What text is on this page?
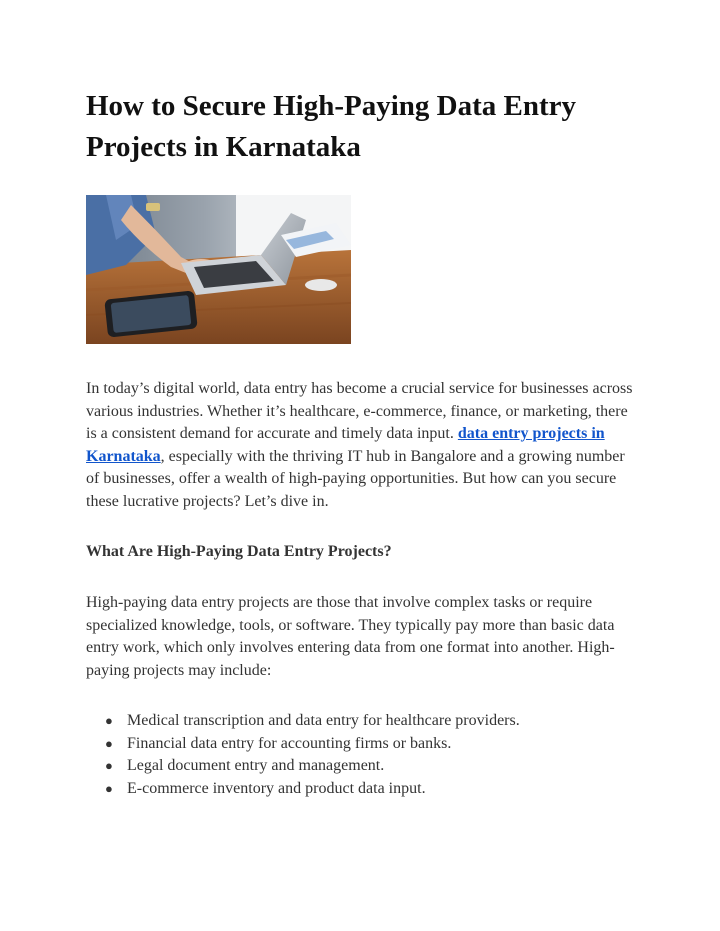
How to Secure High-Paying Data Entry Projects in Karnataka

In today’s digital world, data entry has become a crucial service for businesses across various industries. Whether it’s healthcare, e-commerce, finance, or marketing, there is a consistent demand for accurate and timely data input. data entry projects in Karnataka, especially with the thriving IT hub in Bangalore and a growing number of businesses, offer a wealth of high-paying opportunities. But how can you secure these lucrative projects? Let’s dive in.

What Are High-Paying Data Entry Projects?

High-paying data entry projects are those that involve complex tasks or require specialized knowledge, tools, or software. They typically pay more than basic data entry work, which only involves entering data from one format into another. High-paying projects may include:

● Medical transcription and data entry for healthcare providers.
● Financial data entry for accounting firms or banks.
● Legal document entry and management.
● E-commerce inventory and product data input.
